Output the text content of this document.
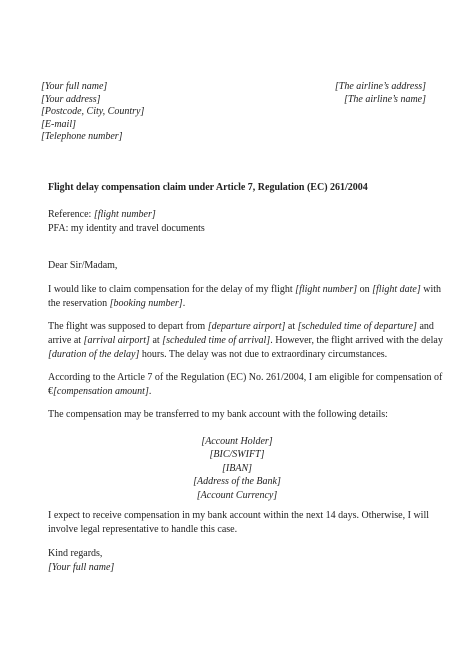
[Your full name]
[Your address]
[Postcode, City, Country]
[E-mail]
[Telephone number]
[The airline’s address]
[The airline’s name]
Flight delay compensation claim under Article 7, Regulation (EC) 261/2004
Reference: [flight number]
PFA: my identity and travel documents
Dear Sir/Madam,
I would like to claim compensation for the delay of my flight [flight number] on [flight date] with
the reservation [booking number].
The flight was supposed to depart from [departure airport] at [scheduled time of departure] and
arrive at [arrival airport] at [scheduled time of arrival]. However, the flight arrived with the delay
[duration of the delay] hours. The delay was not due to extraordinary circumstances.
According to the Article 7 of the Regulation (EC) No. 261/2004, I am eligible for compensation of
€[compensation amount].
The compensation may be transferred to my bank account with the following details:
[Account Holder]
[BIC/SWIFT]
[IBAN]
[Address of the Bank]
[Account Currency]
I expect to receive compensation in my bank account within the next 14 days. Otherwise, I will
involve legal representative to handle this case.
Kind regards,
[Your full name]
